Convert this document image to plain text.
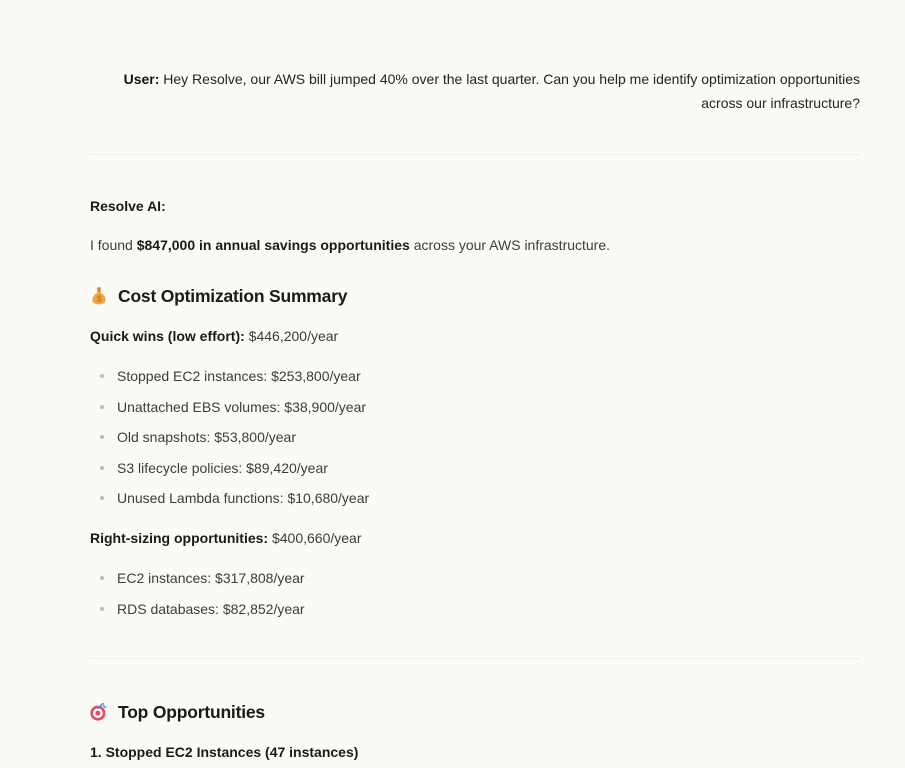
User: Hey Resolve, our AWS bill jumped 40% over the last quarter. Can you help me identify optimization opportunities across our infrastructure?

Resolve AI:

I found $847,000 in annual savings opportunities across your AWS infrastructure.

$ Cost Optimization Summary

Quick wins (low effort): $446,200/year

Stopped EC2 instances: $253,800/year
Unattached EBS volumes: $38,900/year
Old snapshots: $53,800/year
S3 lifecycle policies: $89,420/year
Unused Lambda functions: $10,680/year

Right-sizing opportunities: $400,660/year

EC2 instances: $317,808/year
RDS databases: $82,852/year
Top Opportunities

1. Stopped EC2 Instances (47 instances)
